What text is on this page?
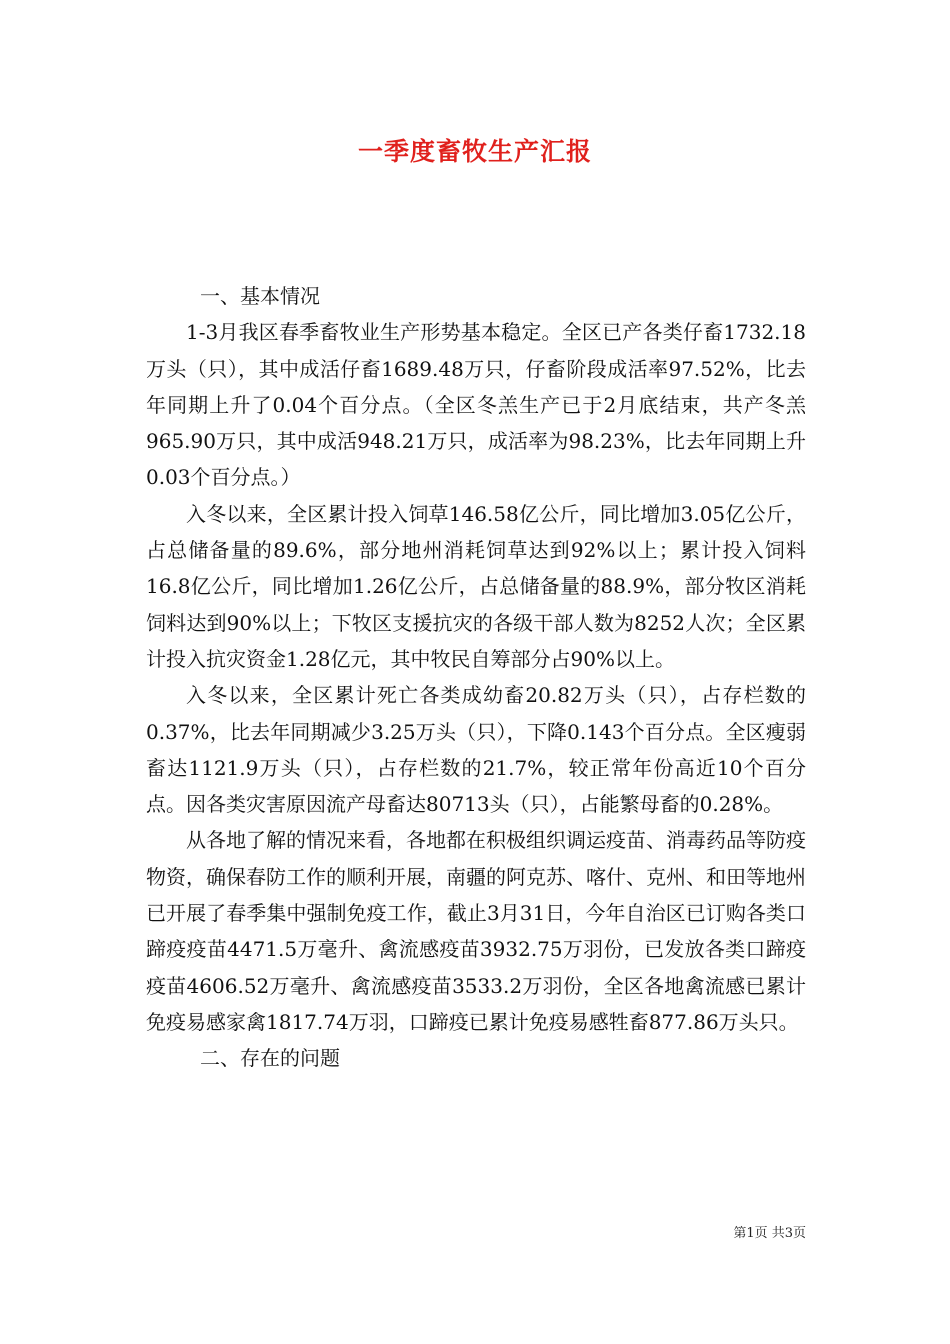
一季度畜牧生产汇报

一、基本情况

1-3月我区春季畜牧业生产形势基本稳定。全区已产各类仔畜1732.18万头（只），其中成活仔畜1689.48万只，仔畜阶段成活率97.52%，比去年同期上升了0.04个百分点。（全区冬羔生产已于2月底结束，共产冬羔965.90万只，其中成活948.21万只，成活率为98.23%，比去年同期上升0.03个百分点。）

入冬以来，全区累计投入饲草146.58亿公斤，同比增加3.05亿公斤，占总储备量的89.6%，部分地州消耗饲草达到92%以上；累计投入饲料16.8亿公斤，同比增加1.26亿公斤，占总储备量的88.9%，部分牧区消耗饲料达到90%以上；下牧区支援抗灾的各级干部人数为8252人次；全区累计投入抗灾资金1.28亿元，其中牧民自筹部分占90%以上。

入冬以来，全区累计死亡各类成幼畜20.82万头（只），占存栏数的0.37%，比去年同期减少3.25万头（只），下降0.143个百分点。全区瘦弱畜达1121.9万头（只），占存栏数的21.7%，较正常年份高近10个百分点。因各类灾害原因流产母畜达80713头（只），占能繁母畜的0.28%。

从各地了解的情况来看，各地都在积极组织调运疫苗、消毒药品等防疫物资，确保春防工作的顺利开展，南疆的阿克苏、喀什、克州、和田等地州已开展了春季集中强制免疫工作，截止3月31日，今年自治区已订购各类口蹄疫疫苗4471.5万毫升、禽流感疫苗3932.75万羽份，已发放各类口蹄疫疫苗4606.52万毫升、禽流感疫苗3533.2万羽份，全区各地禽流感已累计免疫易感家禽1817.74万羽，口蹄疫已累计免疫易感牲畜877.86万头只。

二、存在的问题

第1页 共3页
